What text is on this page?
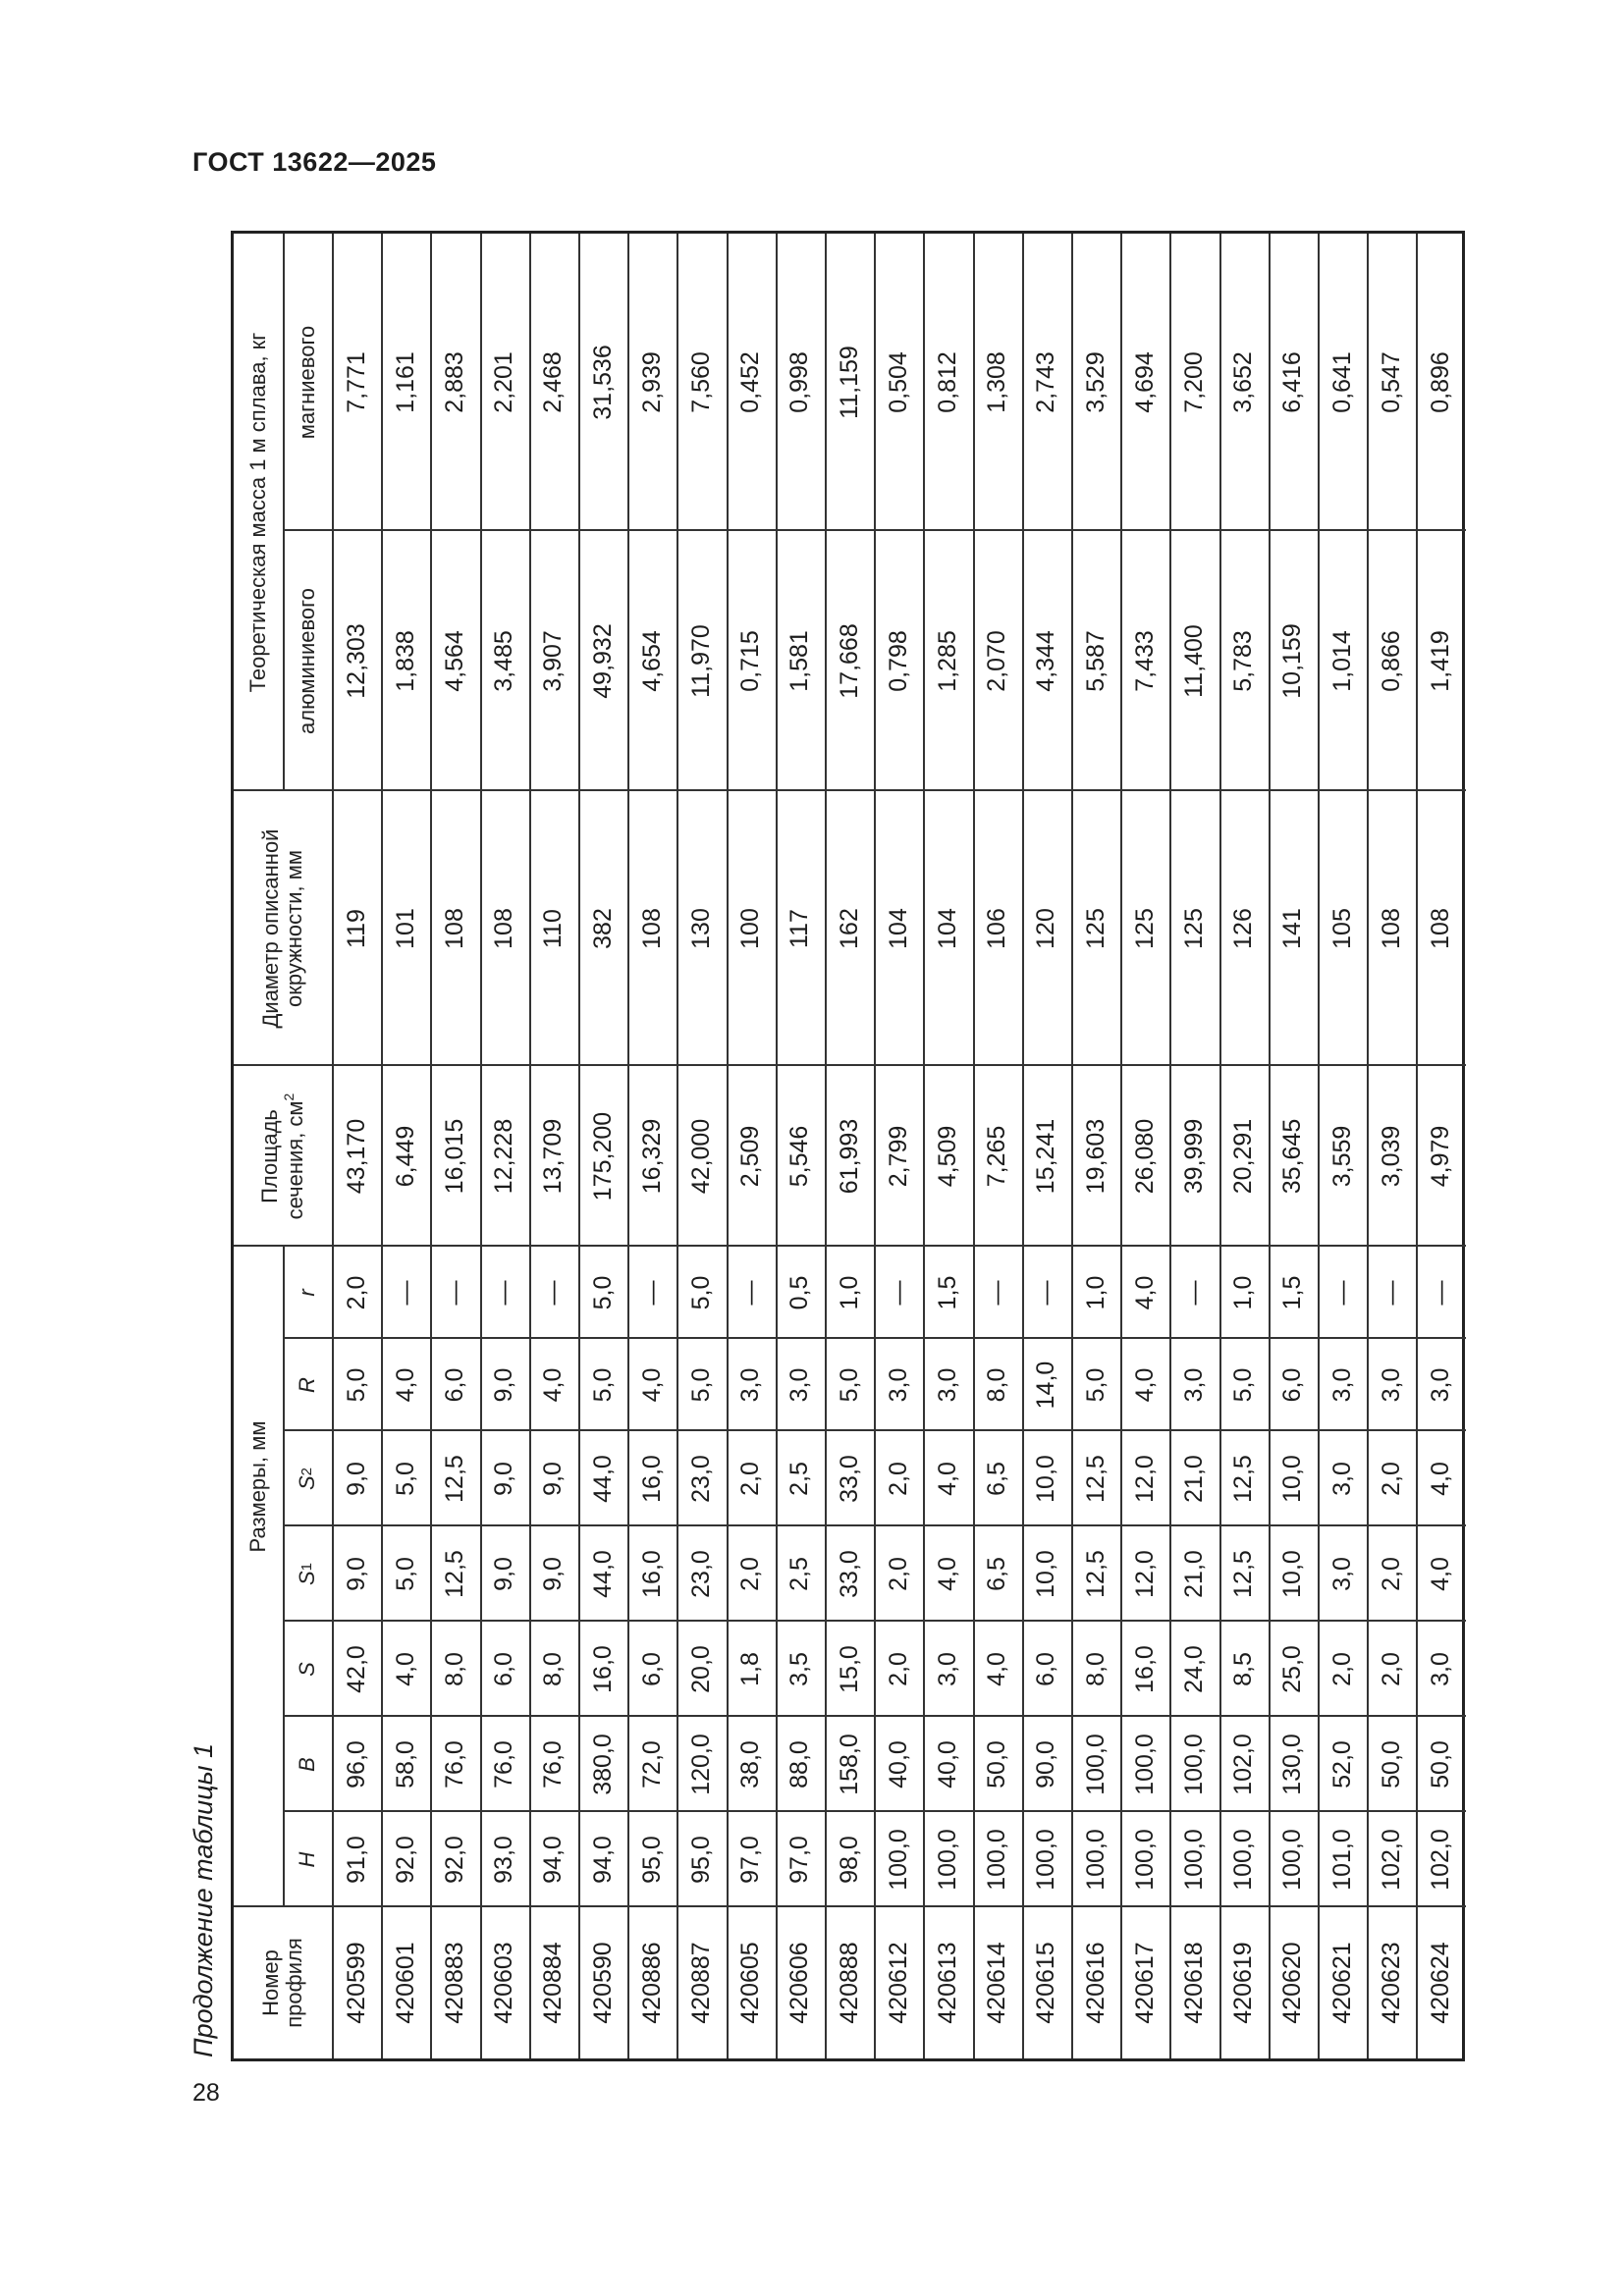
ГОСТ 13622—2025
28
Продолжение таблицы 1 Номер профиля
Размеры, мм
H
B
S
S
1
S
2
R
r
Площадь сечения, $см^2$
Диаметр описанной окружности, мм
Теоретическая масса 1 м сплава, кг алюминиевого
магниевого
420599
91,0
96,0
42,0
9,0
9,0
5,0
2,0
43,170
119
12,303
7,771
420601
92,0
58,0
4,0
5,0
5,0
4,0
—
6,449
101
1,838
1,161
420883
92,0
76,0
8,0
12,5
12,5
6,0
—
16,015
108
4,564
2,883
420603
93,0
76,0
6,0
9,0
9,0
9,0
—
12,228
108
3,485
2,201
420884
94,0
76,0
8,0
9,0
9,0
4,0
—
13,709
110
3,907
2,468
420590
94,0
380,0
16,0
44,0
44,0
5,0
5,0
175,200
382
49,932
31,536
420886
95,0
72,0
6,0
16,0
16,0
4,0
—
16,329
108
4,654
2,939
420887
95,0
120,0
20,0
23,0
23,0
5,0
5,0
42,000
130
11,970
7,560
420605
97,0
38,0
1,8
2,0
2,0
3,0
—
2,509
100
0,715
0,452
420606
97,0
88,0
3,5
2,5
2,5
3,0
0,5
5,546
117
1,581
0,998
420888
98,0
158,0
15,0
33,0
33,0
5,0
1,0
61,993
162
17,668
11,159
420612
100,0
40,0
2,0
2,0
2,0
3,0
—
2,799
104
0,798
0,504
420613
100,0
40,0
3,0
4,0
4,0
3,0
1,5
4,509
104
1,285
0,812
420614
100,0
50,0
4,0
6,5
6,5
8,0
—
7,265
106
2,070
1,308
420615
100,0
90,0
6,0
10,0
10,0
14,0
—
15,241
120
4,344
2,743
420616
100,0
100,0
8,0
12,5
12,5
5,0
1,0
19,603
125
5,587
3,529
420617
100,0
100,0
16,0
12,0
12,0
4,0
4,0
26,080
125
7,433
4,694
420618
100,0
100,0
24,0
21,0
21,0
3,0
—
39,999
125
11,400
7,200
420619
100,0
102,0
8,5
12,5
12,5
5,0
1,0
20,291
126
5,783
3,652
420620
100,0
130,0
25,0
10,0
10,0
6,0
1,5
35,645
141
10,159
6,416
420621
101,0
52,0
2,0
3,0
3,0
3,0
—
3,559
105
1,014
0,641
420623
102,0
50,0
2,0
2,0
2,0
3,0
—
3,039
108
0,866
0,547
420624
102,0
50,0
3,0
4,0
4,0
3,0
—
4,979
108
1,419
0,896
